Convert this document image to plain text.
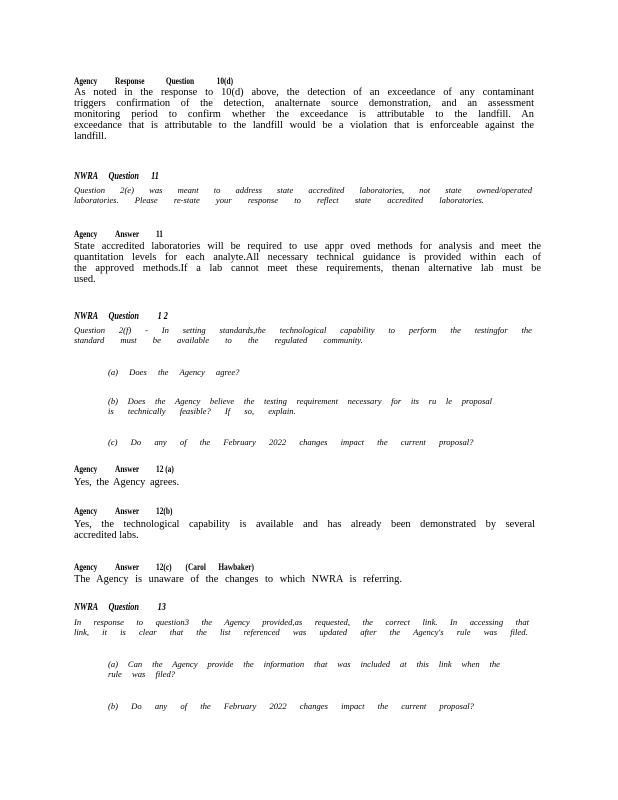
Agency Response Question	10(d)
As noted in the response to 10(d) above, the detection of an exceedance of any contaminant
triggers confirmation of the detection, analternate source demonstration, and an assessment
monitoring period to confirm whether the exceedance is attributable to the landfill. An
exceedance that is attributable to the landfill would be a violation that is enforceable against the
landfill.
NWRA Question 11
Question 2(e) was meant to address state accredited laboratories, not state owned/operated
laboratories. Please re-state your response to reflect state accredited laboratories.
Agency Answer 11
State accredited laboratories will be required to use appr oved methods for analysis and meet the
quantitation levels for each analyte.All necessary technical guidance is provided within each of
the approved methods.If a lab cannot meet these requirements, thenan alternative lab must be
used.
NWRA Question 1 2
Question 2(f) - In setting standards,the technological capability to perform the testingfor the
standard must be available to the regulated community.
(a) Does the Agency agree?
(b) Does the Agency believe the testing requirement necessary for its ru le proposal
is technically feasible? If so, explain.
(c) Do any of the February 2022 changes impact the current proposal?
Agency Answer 12 (a)
Yes, the Agency agrees.
Agency Answer 12(b)
Yes, the technological capability is available and has already been demonstrated by several
accredited labs.
Agency Answer 12(c) (Carol Hawbaker)
The Agency is unaware of the changes to which NWRA is referring.
NWRA Question 13
In response to question3 the Agency provided,as requested, the correct link. In accessing that
link, it is clear that the list referenced was updated after the Agency's rule was filed.
(a) Can the Agency provide the information that was included at this link when the
rule was filed?
(b) Do any of the February 2022 changes impact the current proposal?
